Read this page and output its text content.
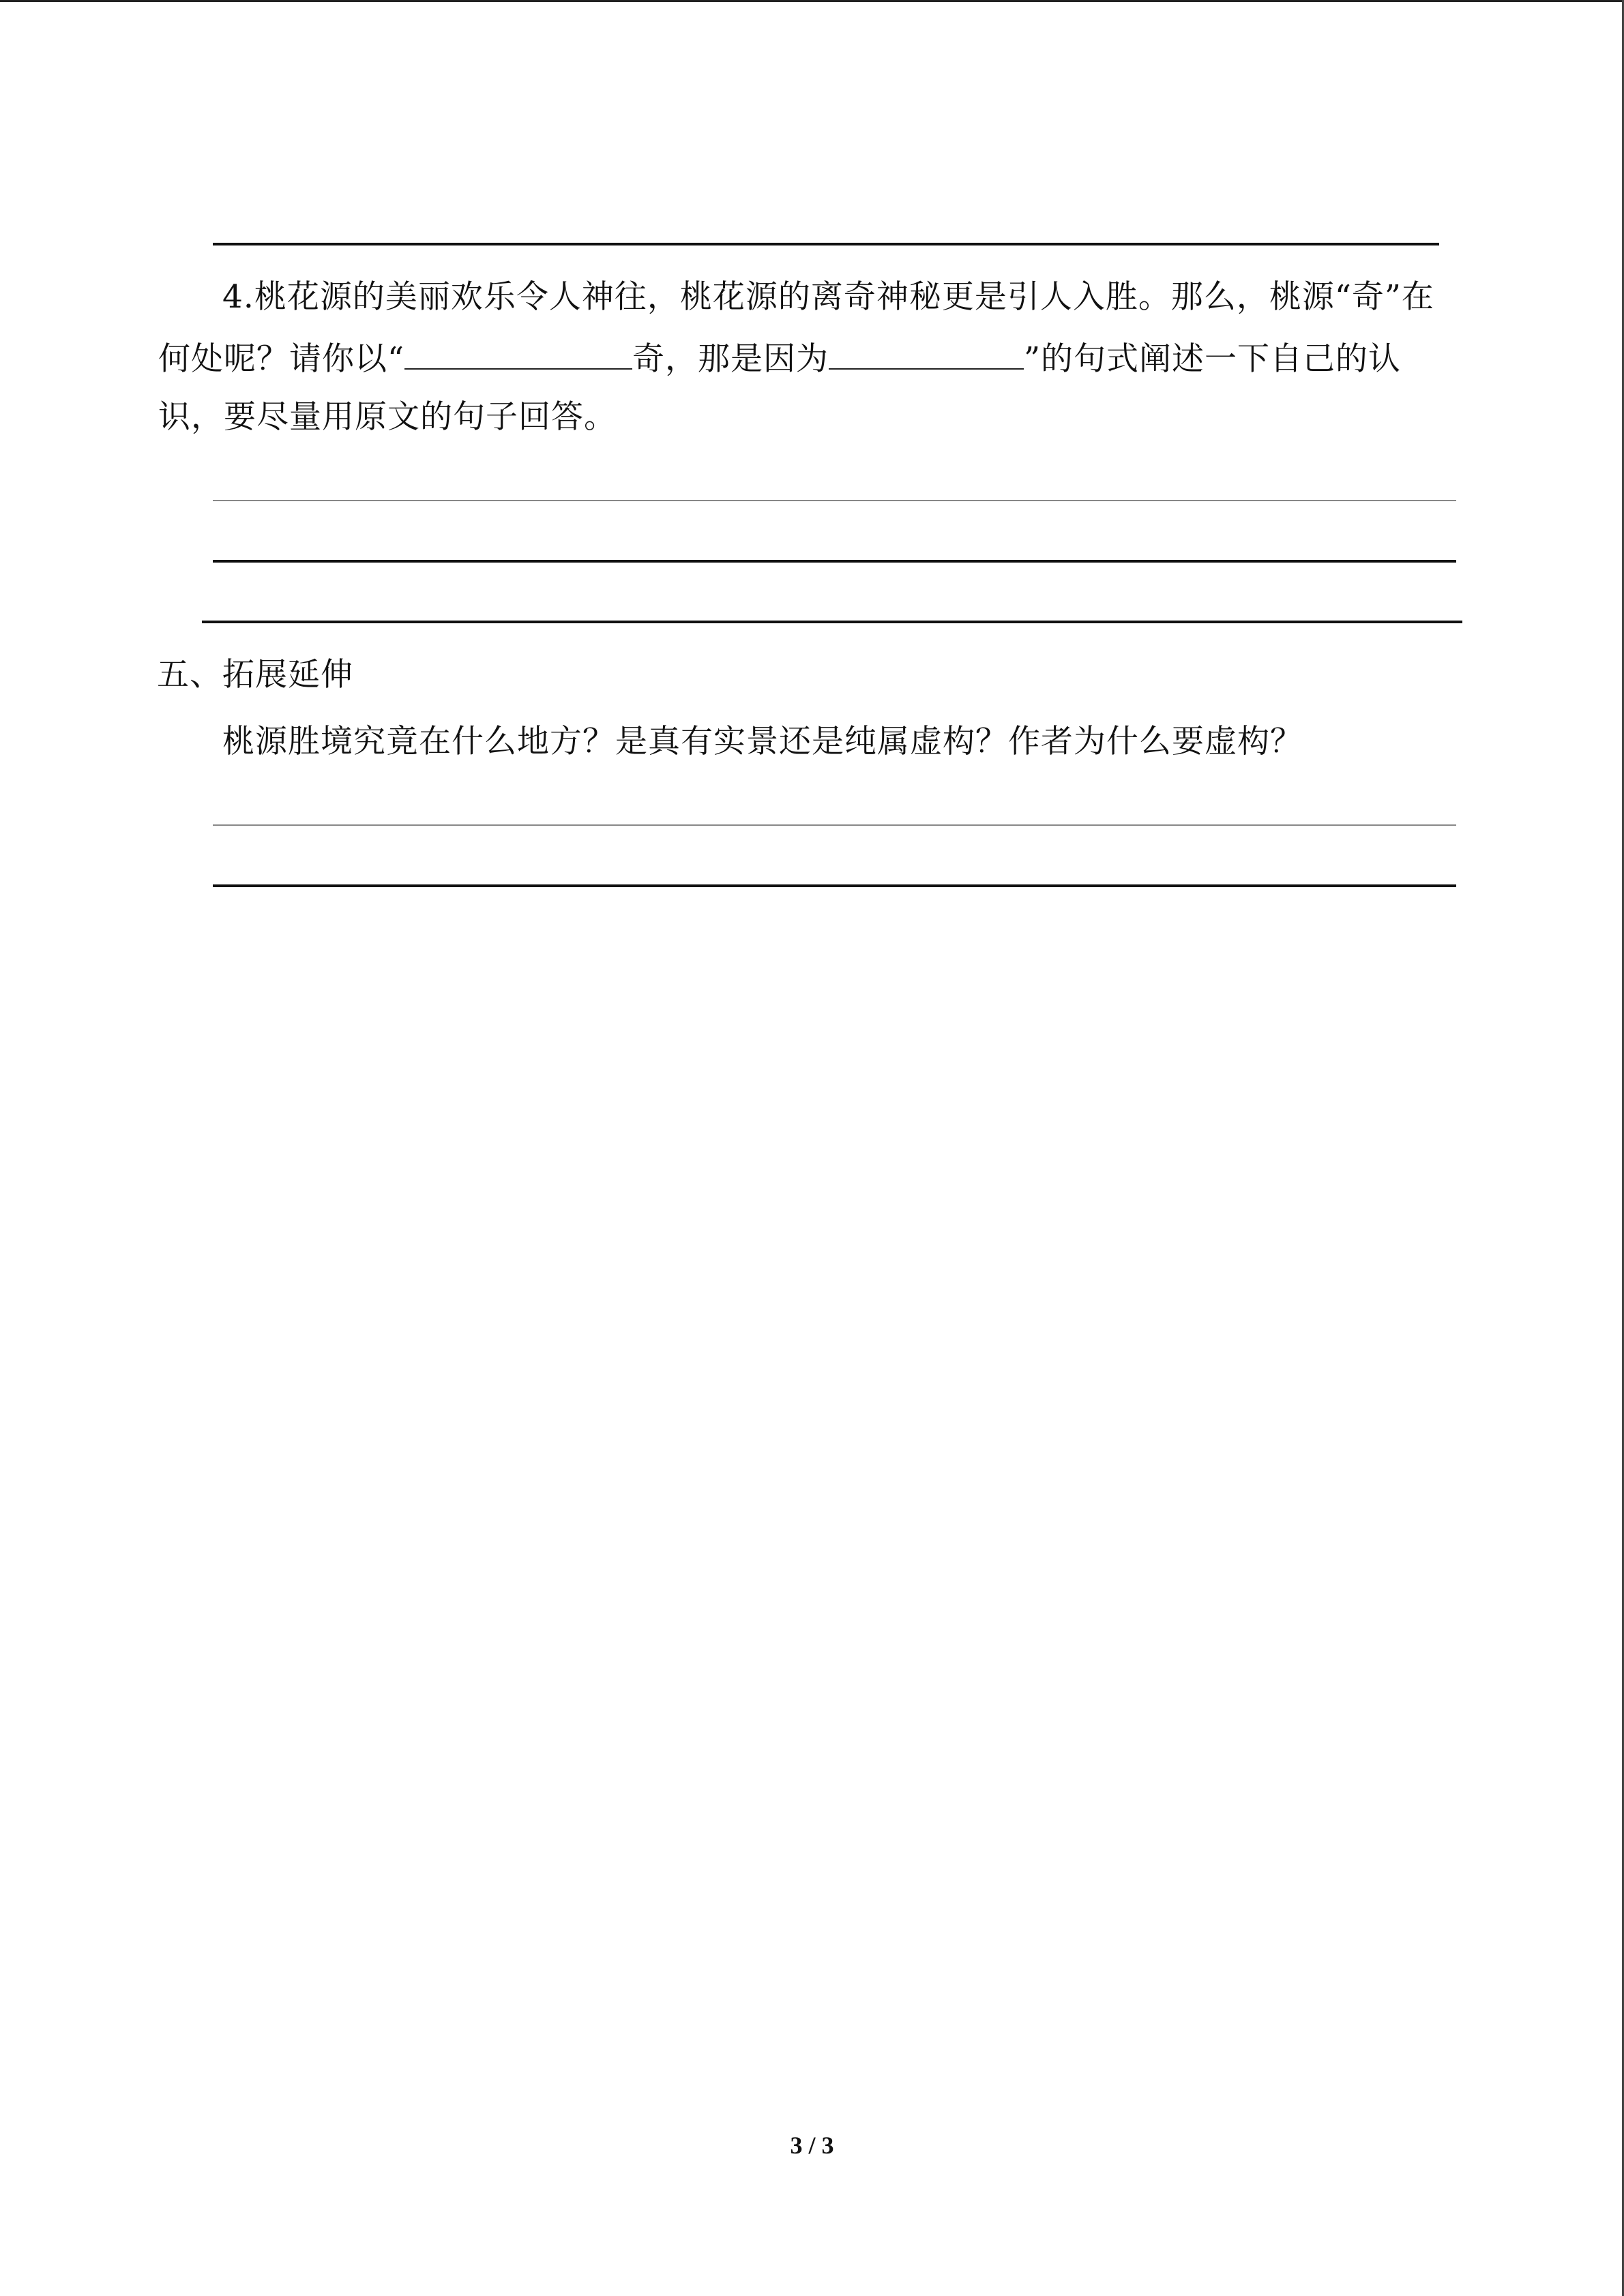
4.桃花源的美丽欢乐令人神往，桃花源的离奇神秘更是引人入胜。那么，桃源“奇”在
何处呢？请你以“	奇，那是因为	”的句式阐述一下自己的认
识，要尽量用原文的句子回答。
五、拓展延伸
桃源胜境究竟在什么地方？是真有实景还是纯属虚构？作者为什么要虚构？
3 / 3
